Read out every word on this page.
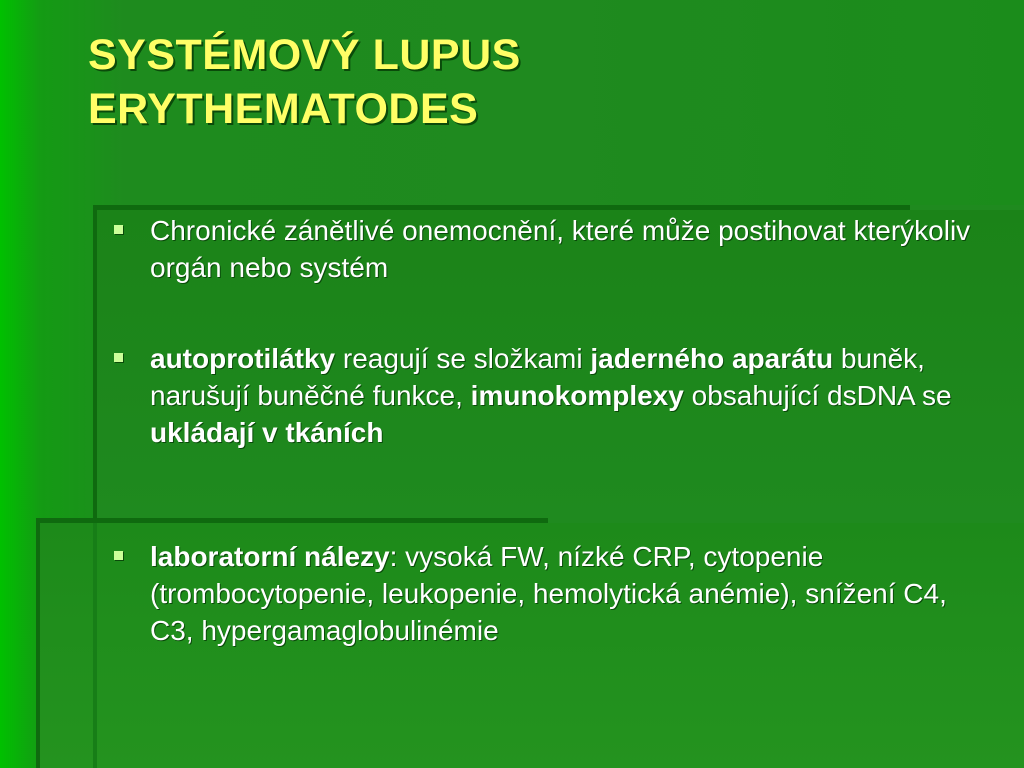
SYSTÉMOVÝ LUPUS
ERYTHEMATODES
Chronické zánětlivé onemocnění, které může postihovat kterýkoliv orgán nebo systém
autoprotilátky reagují se složkami jaderného aparátu buněk, narušují buněčné funkce, imunokomplexy obsahující dsDNA se ukládají v tkáních
laboratorní nálezy: vysoká FW, nízké CRP, cytopenie (trombocytopenie, leukopenie, hemolytická anémie), snížení C4, C3, hypergamaglobulinémie
